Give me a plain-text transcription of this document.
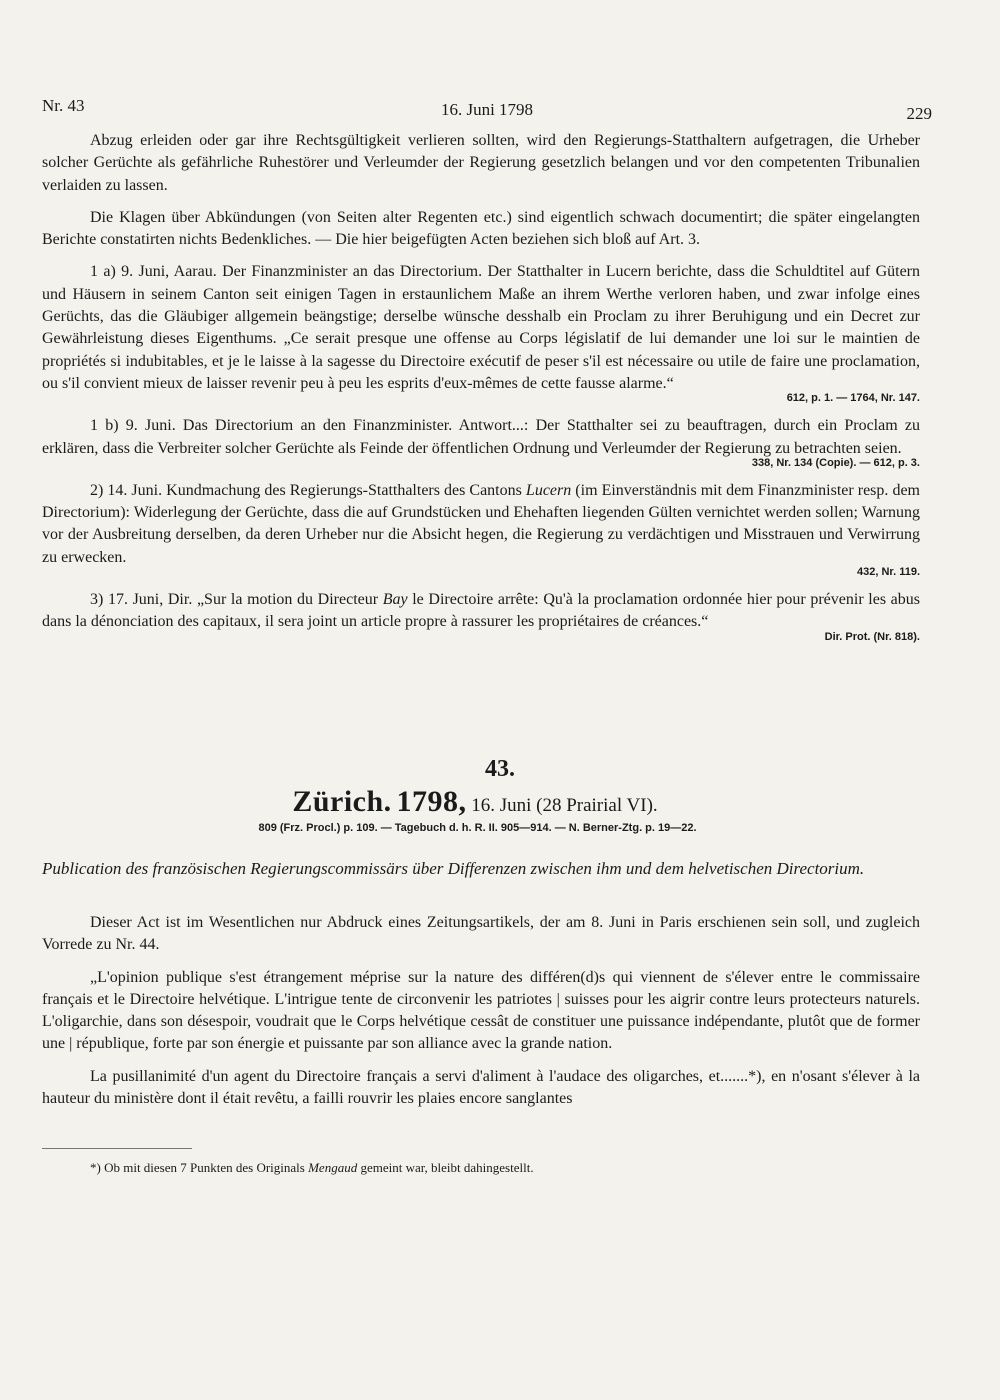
Nr. 43	16. Juni 1798	229

Abzug erleiden oder gar ihre Rechtsgültigkeit verlieren sollten, wird den Regierungs-Statthaltern aufgetragen, die Urheber solcher Gerüchte als gefährliche Ruhestörer und Verleumder der Regierung gesetzlich belangen und vor den competenten Tribunalien verlaiden zu lassen.

Die Klagen über Abkündungen (von Seiten alter Regenten etc.) sind eigentlich schwach documentirt; die später eingelangten Berichte constatirten nichts Bedenkliches. — Die hier beigefügten Acten beziehen sich bloß auf Art. 3.

1 a) 9. Juni, Aarau. Der Finanzminister an das Directorium. Der Statthalter in Lucern berichte, dass die Schuldtitel auf Gütern und Häusern in seinem Canton seit einigen Tagen in erstaunlichem Maße an ihrem Werthe verloren haben, und zwar infolge eines Gerüchts, das die Gläubiger allgemein beängstige; derselbe wünsche desshalb ein Proclam zu ihrer Beruhigung und ein Decret zur Gewährleistung dieses Eigenthums. „Ce serait presque une offense au Corps législatif de lui demander une loi sur le maintien de propriétés si indubitables, et je le laisse à la sagesse du Directoire exécutif de peser s'il est nécessaire ou utile de faire une proclamation, ou s'il convient mieux de laisser revenir peu à peu les esprits d'eux-mêmes de cette fausse alarme.“

612, p. 1. — 1764, Nr. 147.

1 b) 9. Juni. Das Directorium an den Finanzminister. Antwort...: Der Statthalter sei zu beauftragen, durch ein Proclam zu erklären, dass die Verbreiter solcher Gerüchte als Feinde der öffentlichen Ordnung und Verleumder der Regierung zu betrachten seien.

338, Nr. 134 (Copie). — 612, p. 3.

2) 14. Juni. Kundmachung des Regierungs-Statthalters des Cantons Lucern (im Einverständnis mit dem Finanzminister resp. dem Directorium): Widerlegung der Gerüchte, dass die auf Grundstücken und Ehehaften liegenden Gülten vernichtet werden sollen; Warnung vor der Ausbreitung derselben, da deren Urheber nur die Absicht hegen, die Regierung zu verdächtigen und Misstrauen und Verwirrung zu erwecken.

432, Nr. 119.

3) 17. Juni, Dir. „Sur la motion du Directeur Bay le Directoire arrête: Qu'à la proclamation ordonnée hier pour prévenir les abus dans la dénonciation des capitaux, il sera joint un article propre à rassurer les propriétaires de créances.“

Dir. Prot. (Nr. 818).
43.
Zürich. 1798, 16. Juni (28 Prairial VI).
809 (Frz. Procl.) p. 109. — Tagebuch d. h. R. II. 905—914. — N. Berner-Ztg. p. 19—22.
Publication des französischen Regierungscommissärs über Differenzen zwischen ihm und dem helvetischen Directorium.

Dieser Act ist im Wesentlichen nur Abdruck eines Zeitungsartikels, der am 8. Juni in Paris erschienen sein soll, und zugleich Vorrede zu Nr. 44.

„L'opinion publique s'est étrangement méprise sur la nature des différen(d)s qui viennent de s'élever entre le commissaire français et le Directoire helvétique. L'intrigue tente de circonvenir les patriotes | suisses pour les aigrir contre leurs protecteurs naturels. L'oligarchie, dans son désespoir, voudrait que le Corps helvétique cessât de constituer une puissance indépendante, plutôt que de former une | république, forte par son énergie et puissante par son alliance avec la grande nation.

La pusillanimité d'un agent du Directoire français a servi d'aliment à l'audace des oligarches, et.......*), en n'osant s'élever à la hauteur du ministère dont il était revêtu, a failli rouvrir les plaies encore sanglantes

*) Ob mit diesen 7 Punkten des Originals Mengaud gemeint war, bleibt dahingestellt.
